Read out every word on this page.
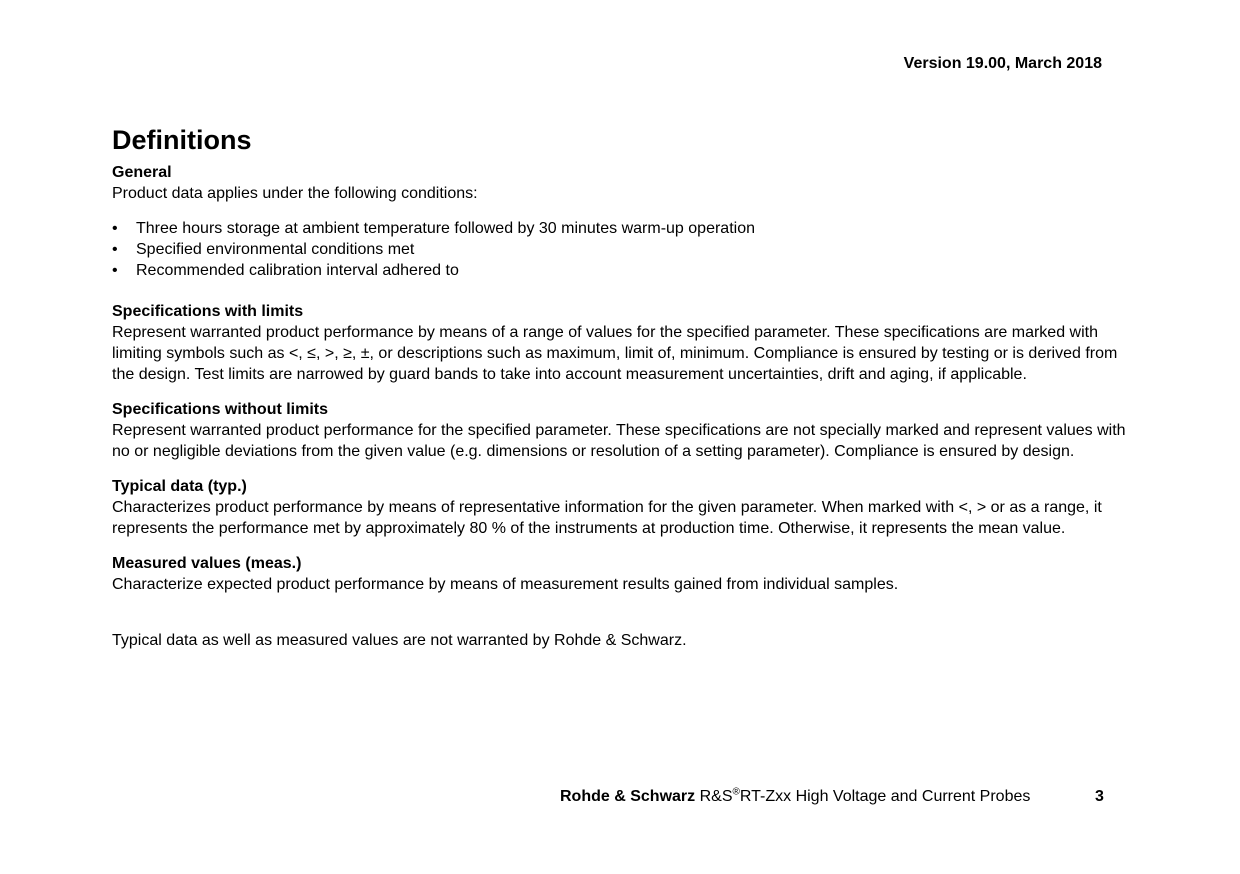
Version 19.00, March 2018
Definitions
General
Product data applies under the following conditions:
• Three hours storage at ambient temperature followed by 30 minutes warm-up operation
• Specified environmental conditions met
• Recommended calibration interval adhered to
Specifications with limits
Represent warranted product performance by means of a range of values for the specified parameter. These specifications are marked with limiting symbols such as <, ≤, >, ≥, ±, or descriptions such as maximum, limit of, minimum. Compliance is ensured by testing or is derived from the design. Test limits are narrowed by guard bands to take into account measurement uncertainties, drift and aging, if applicable.
Specifications without limits
Represent warranted product performance for the specified parameter. These specifications are not specially marked and represent values with no or negligible deviations from the given value (e.g. dimensions or resolution of a setting parameter). Compliance is ensured by design.
Typical data (typ.)
Characterizes product performance by means of representative information for the given parameter. When marked with <, > or as a range, it represents the performance met by approximately 80 % of the instruments at production time. Otherwise, it represents the mean value.
Measured values (meas.)
Characterize expected product performance by means of measurement results gained from individual samples.
Typical data as well as measured values are not warranted by Rohde & Schwarz.
Rohde & Schwarz R&S®RT-Zxx High Voltage and Current Probes	3
